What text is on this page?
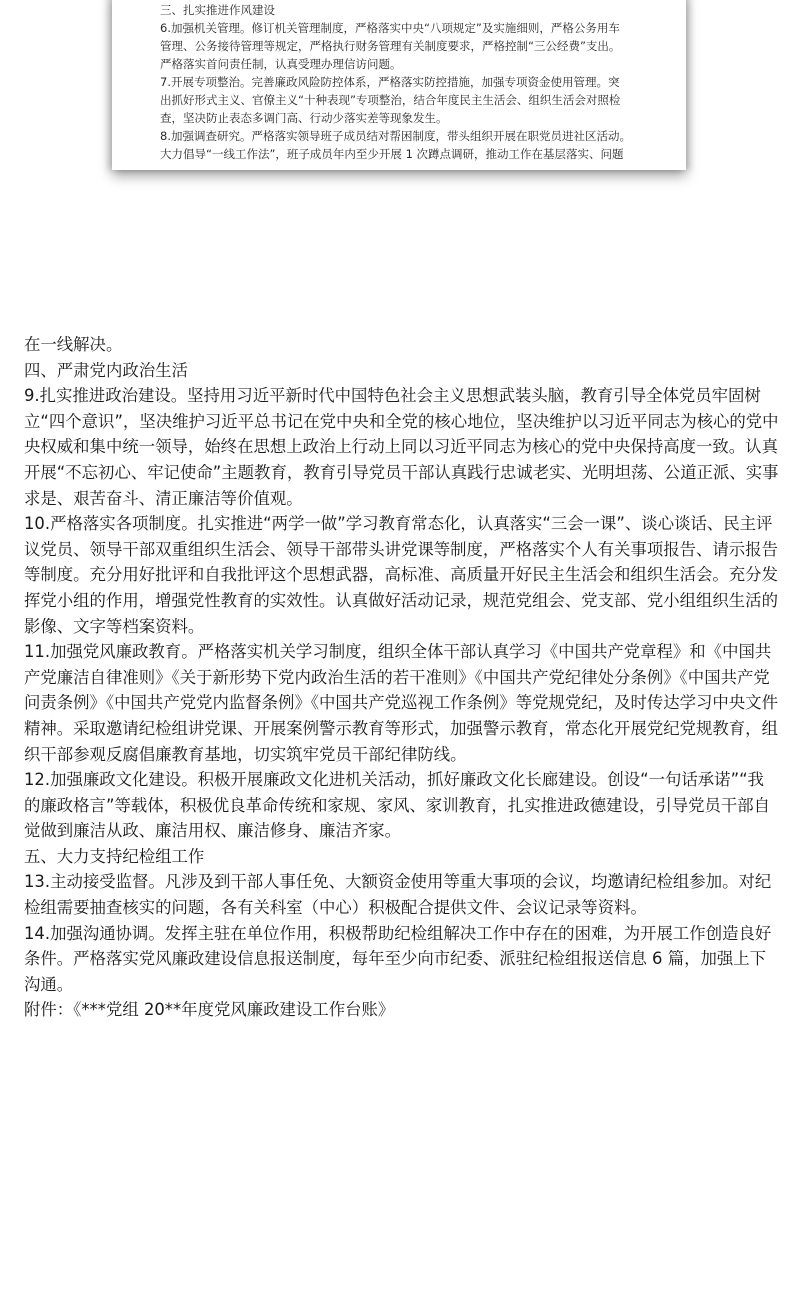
三、扎实推进作风建设

6.加强机关管理。修订机关管理制度，严格落实中央“八项规定”及实施细则，严格公务用车

管理、公务接待管理等规定，严格执行财务管理有关制度要求，严格控制“三公经费”支出。

严格落实首问责任制，认真受理办理信访问题。

7.开展专项整治。完善廉政风险防控体系，严格落实防控措施，加强专项资金使用管理。突

出抓好形式主义、官僚主义“十种表现”专项整治，结合年度民主生活会、组织生活会对照检

查，坚决防止表态多调门高、行动少落实差等现象发生。

8.加强调查研究。严格落实领导班子成员结对帮困制度，带头组织开展在职党员进社区活动。

大力倡导“一线工作法”，班子成员年内至少开展 1 次蹲点调研，推动工作在基层落实、问题

在一线解决。

四、严肃党内政治生活

9.扎实推进政治建设。坚持用习近平新时代中国特色社会主义思想武装头脑，教育引导全体党员牢固树立“四个意识”，坚决维护习近平总书记在党中央和全党的核心地位，坚决维护以习近平同志为核心的党中央权威和集中统一领导，始终在思想上政治上行动上同以习近平同志为核心的党中央保持高度一致。认真开展“不忘初心、牢记使命”主题教育，教育引导党员干部认真践行忠诚老实、光明坦荡、公道正派、实事求是、艰苦奋斗、清正廉洁等价值观。

10.严格落实各项制度。扎实推进“两学一做”学习教育常态化，认真落实“三会一课”、谈心谈话、民主评议党员、领导干部双重组织生活会、领导干部带头讲党课等制度，严格落实个人有关事项报告、请示报告等制度。充分用好批评和自我批评这个思想武器，高标准、高质量开好民主生活会和组织生活会。充分发挥党小组的作用，增强党性教育的实效性。认真做好活动记录，规范党组会、党支部、党小组组织生活的影像、文字等档案资料。

11.加强党风廉政教育。严格落实机关学习制度，组织全体干部认真学习《中国共产党章程》和《中国共产党廉洁自律准则》《关于新形势下党内政治生活的若干准则》《中国共产党纪律处分条例》《中国共产党问责条例》《中国共产党党内监督条例》《中国共产党巡视工作条例》等党规党纪，及时传达学习中央文件精神。采取邀请纪检组讲党课、开展案例警示教育等形式，加强警示教育，常态化开展党纪党规教育，组织干部参观反腐倡廉教育基地，切实筑牢党员干部纪律防线。

12.加强廉政文化建设。积极开展廉政文化进机关活动，抓好廉政文化长廊建设。创设“一句话承诺”“我的廉政格言”等载体，积极优良革命传统和家规、家风、家训教育，扎实推进政德建设，引导党员干部自觉做到廉洁从政、廉洁用权、廉洁修身、廉洁齐家。

五、大力支持纪检组工作

13.主动接受监督。凡涉及到干部人事任免、大额资金使用等重大事项的会议，均邀请纪检组参加。对纪检组需要抽查核实的问题，各有关科室（中心）积极配合提供文件、会议记录等资料。

14.加强沟通协调。发挥主驻在单位作用，积极帮助纪检组解决工作中存在的困难，为开展工作创造良好条件。严格落实党风廉政建设信息报送制度，每年至少向市纪委、派驻纪检组报送信息 6 篇，加强上下沟通。

附件：《***党组 20**年度党风廉政建设工作台账》
